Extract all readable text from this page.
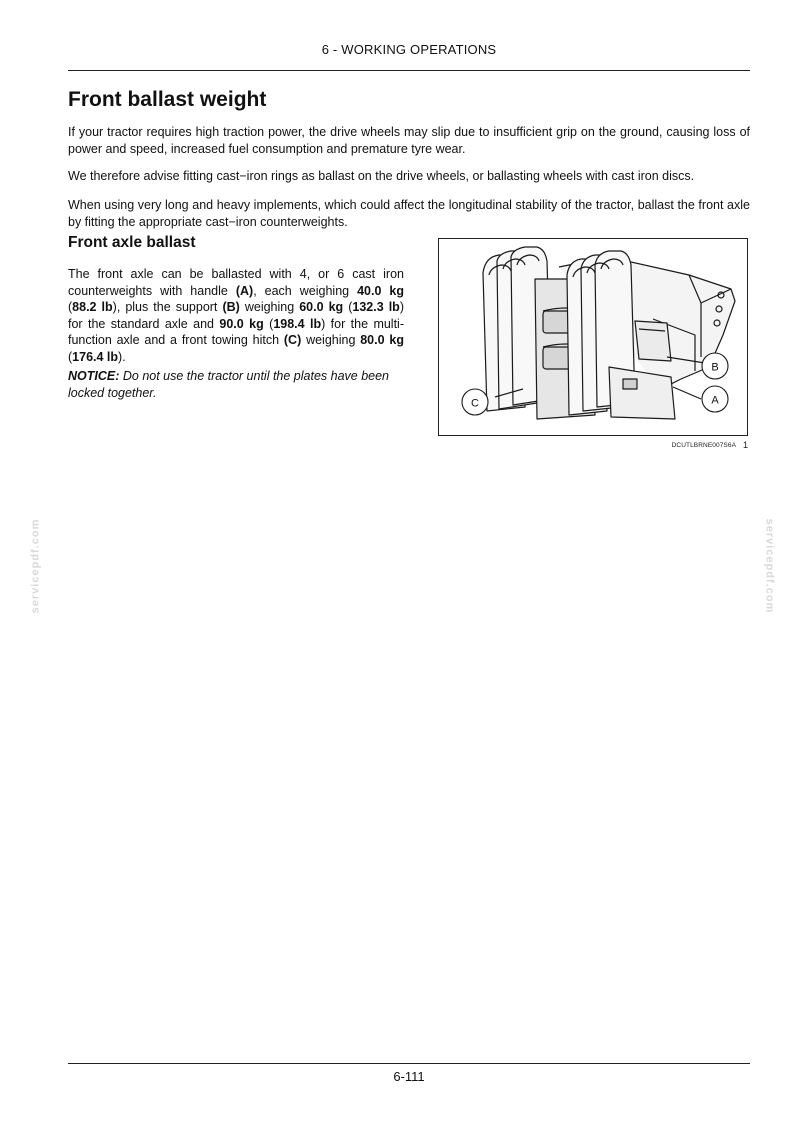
6 - WORKING OPERATIONS
Front ballast weight

If your tractor requires high traction power, the drive wheels may slip due to insufficient grip on the ground, causing loss of power and speed, increased fuel consumption and premature tyre wear.

We therefore advise fitting cast−iron rings as ballast on the drive wheels, or ballasting wheels with cast iron discs.

When using very long and heavy implements, which could affect the longitudinal stability of the tractor, ballast the front axle by fitting the appropriate cast−iron counterweights.

Front axle ballast

The front axle can be ballasted with 4, or 6 cast iron counterweights with handle (A), each weighing 40.0 kg (88.2 lb), plus the support (B) weighing 60.0 kg (132.3 lb) for the standard axle and 90.0 kg (198.4 lb) for the multi-function axle and a front towing hitch (C) weighing 80.0 kg (176.4 lb).

NOTICE: Do not use the tractor until the plates have been locked together.

C
B
A
DCUTLBRNE007S6A 1
servicepdf.com	servicepdf.com
6-111
